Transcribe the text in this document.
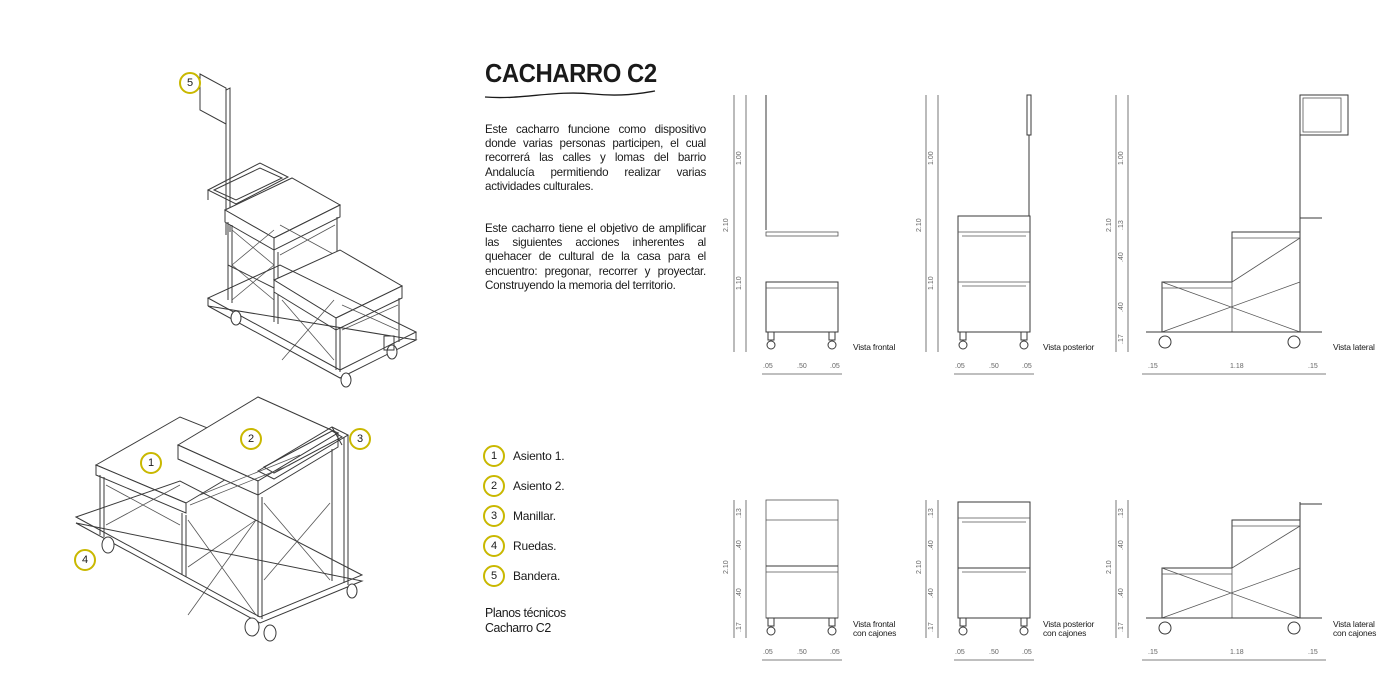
5
1
2	3
4
CACHARRO C2

Este cacharro funcione como dispositivo donde varias personas participen, el cual recorrerá las calles y lomas del barrio Andalucía permitiendo realizar varias actividades culturales.

Este cacharro tiene el objetivo de amplificar las siguientes acciones inherentes al quehacer de cultural de la casa para el encuentro: pregonar, recorrer y proyectar. Construyendo la memoria del territorio.

1	Asiento 1.
2	Asiento 2.
3	Manillar.
4	Ruedas.
5	Bandera.
Planos técnicos
Cacharro C2
2.10
1.00
1.10
.05	.50	.05
2.10
1.00
1.10
.05	.50	.05
2.10
1.00
.13
.40
.40
.17
.15	1.18	.15
2.10
.13
.40
.40
.17
.05	.50	.05
2.10
.13
.40
.40
.17
.05	.50	.05
2.10
.13
.40
.40
.17
.15	1.18	.15
Vista frontal	Vista posterior	Vista lateral
Vista frontal
con cajones
Vista posterior
con cajones
Vista lateral
con cajones
